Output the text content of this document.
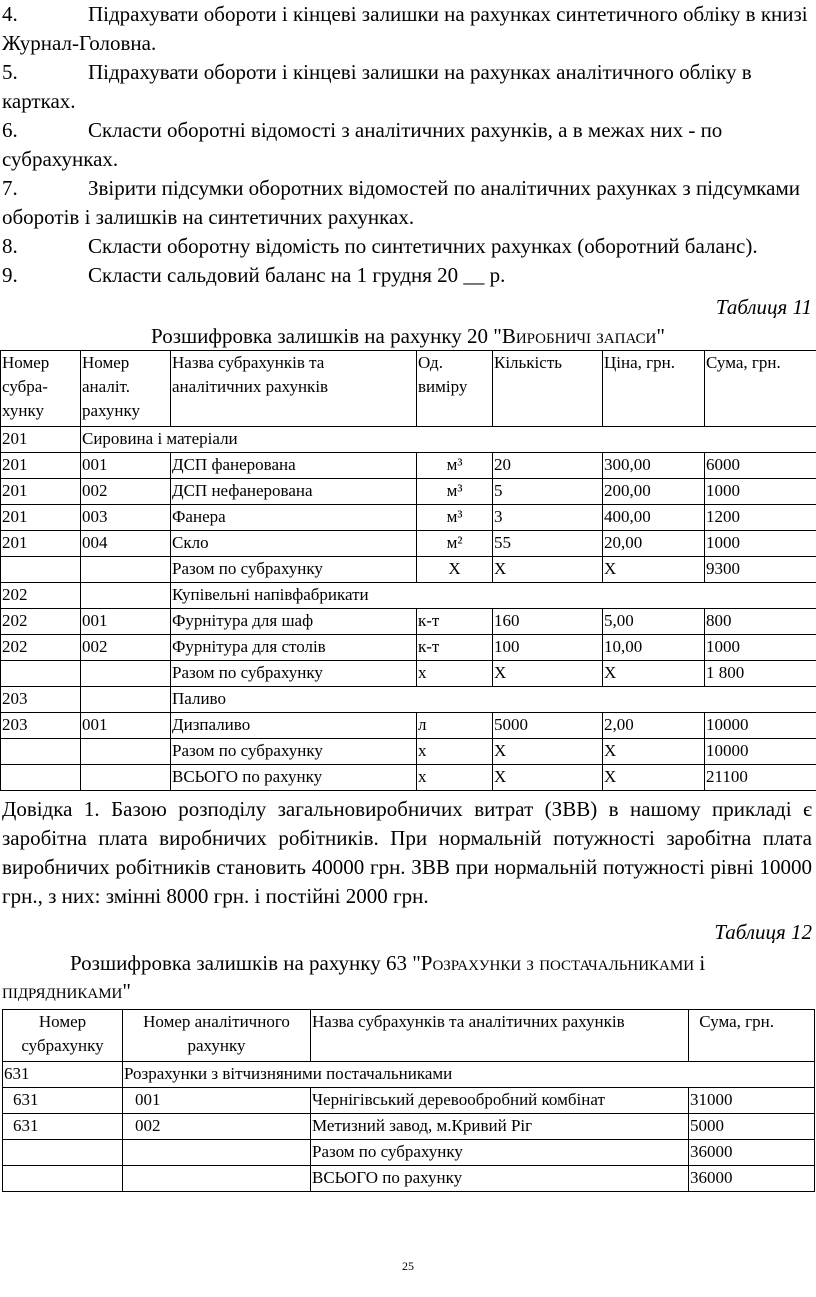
4.	Підрахувати обороти і кінцеві залишки на рахунках синтетичного обліку в книзі Журнал-Головна.
5.	Підрахувати обороти і кінцеві залишки на рахунках аналітичного обліку в картках.
6.	Скласти оборотні відомості з аналітичних рахунків, а в межах них - по субрахунках.
7.	Звірити підсумки оборотних відомостей по аналітичних рахунках з підсумками оборотів і залишків на синтетичних рахунках.
8.	Скласти оборотну відомість по синтетичних рахунках (оборотний баланс).
9.	Скласти сальдовий баланс на 1 грудня 20 __ р.
Таблиця 11
Розшифровка залишків на рахунку 20 "Виробничі запаси"
Номер субра-хунку	Номер аналіт. рахунку	Назва субрахунків та аналітичних рахунків	Од. виміру	Кількість	Ціна, грн.	Сума, грн.
201	Сировина і матеріали					
201	001	ДСП фанерована	м³	20	300,00	6000
201	002	ДСП нефанерована	м³	5	200,00	1000
201	003	Фанера	м³	3	400,00	1200
201	004	Скло	м²	55	20,00	1000
		Разом по субрахунку	Х	Х	Х	9300
202		Купівельні напівфабрикати				
202	001	Фурнітура для шаф	к-т	160	5,00	800
202	002	Фурнітура для столів	к-т	100	10,00	1000
		Разом по субрахунку	х	Х	Х	1 800
203		Паливо				
203	001	Дизпаливо	л	5000	2,00	10000
		Разом по субрахунку	х	Х	Х	10000
		ВСЬОГО по рахунку	х	Х	Х	21100
Довідка 1. Базою розподілу загальновиробничих витрат (ЗВВ) в нашому прикладі є заробітна плата виробничих робітників. При нормальній потужності заробітна плата виробничих робітників становить 40000 грн. ЗВВ при нормальній потужності рівні 10000 грн., з них: змінні 8000 грн. і постійні 2000 грн.
Таблиця 12
Розшифровка залишків на рахунку 63 "Розрахунки з постачальниками і
підрядниками"
Номер субрахунку	Номер аналітичного рахунку	Назва субрахунків та аналітичних рахунків	Сума, грн.
631	Розрахунки з вітчизняними постачальниками		
631	001	Чернігівський деревообробний комбінат	31000
631	002	Метизний завод, м.Кривий Ріг	5000
		Разом по субрахунку	36000
		ВСЬОГО по рахунку	36000
25
